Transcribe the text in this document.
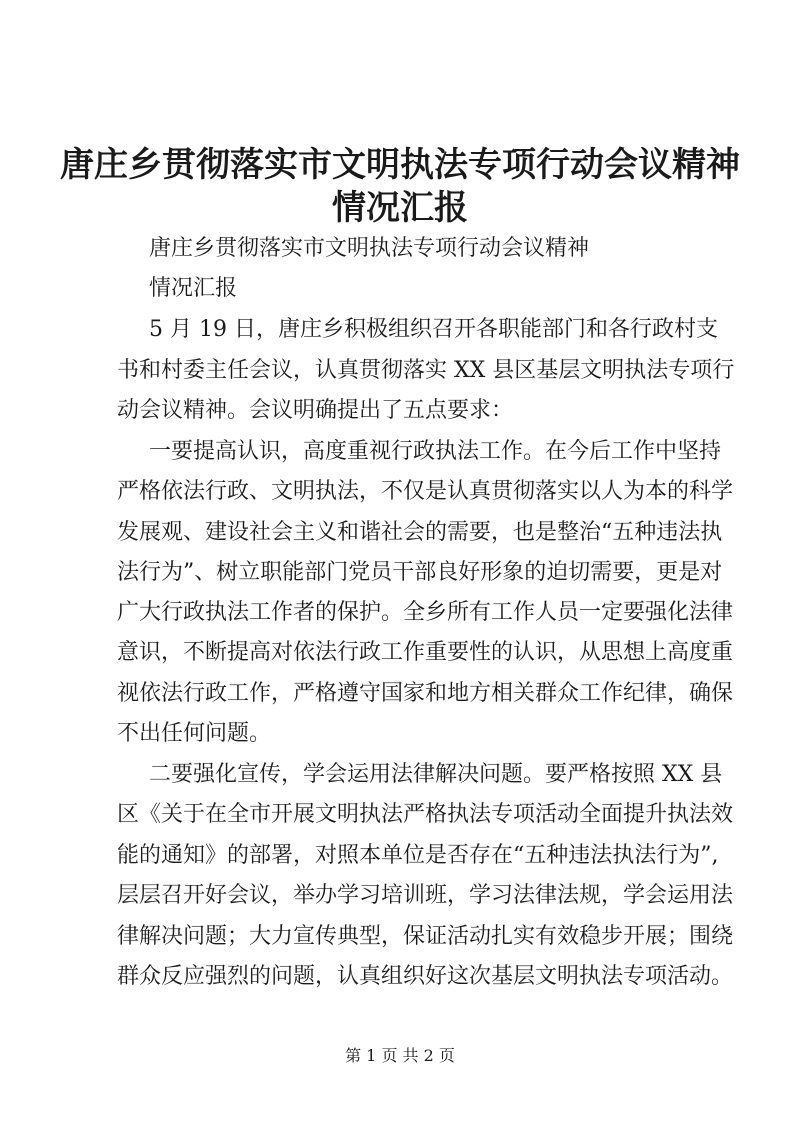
唐庄乡贯彻落实市文明执法专项行动会议精神
情况汇报

唐庄乡贯彻落实市文明执法专项行动会议精神

情况汇报

5 月 19 日，唐庄乡积极组织召开各职能部门和各行政村支

书和村委主任会议，认真贯彻落实 XX 县区基层文明执法专项行

动会议精神。会议明确提出了五点要求：

一要提高认识，高度重视行政执法工作。在今后工作中坚持

严格依法行政、文明执法，不仅是认真贯彻落实以人为本的科学

发展观、建设社会主义和谐社会的需要，也是整治“五种违法执

法行为”、树立职能部门党员干部良好形象的迫切需要，更是对

广大行政执法工作者的保护。全乡所有工作人员一定要强化法律

意识，不断提高对依法行政工作重要性的认识，从思想上高度重

视依法行政工作，严格遵守国家和地方相关群众工作纪律，确保

不出任何问题。

二要强化宣传，学会运用法律解决问题。要严格按照 XX 县

区《关于在全市开展文明执法严格执法专项活动全面提升执法效

能的通知》的部署，对照本单位是否存在“五种违法执法行为”,

层层召开好会议，举办学习培训班，学习法律法规，学会运用法

律解决问题；大力宣传典型，保证活动扎实有效稳步开展；围绕

群众反应强烈的问题，认真组织好这次基层文明执法专项活动。

第 1 页 共 2 页
